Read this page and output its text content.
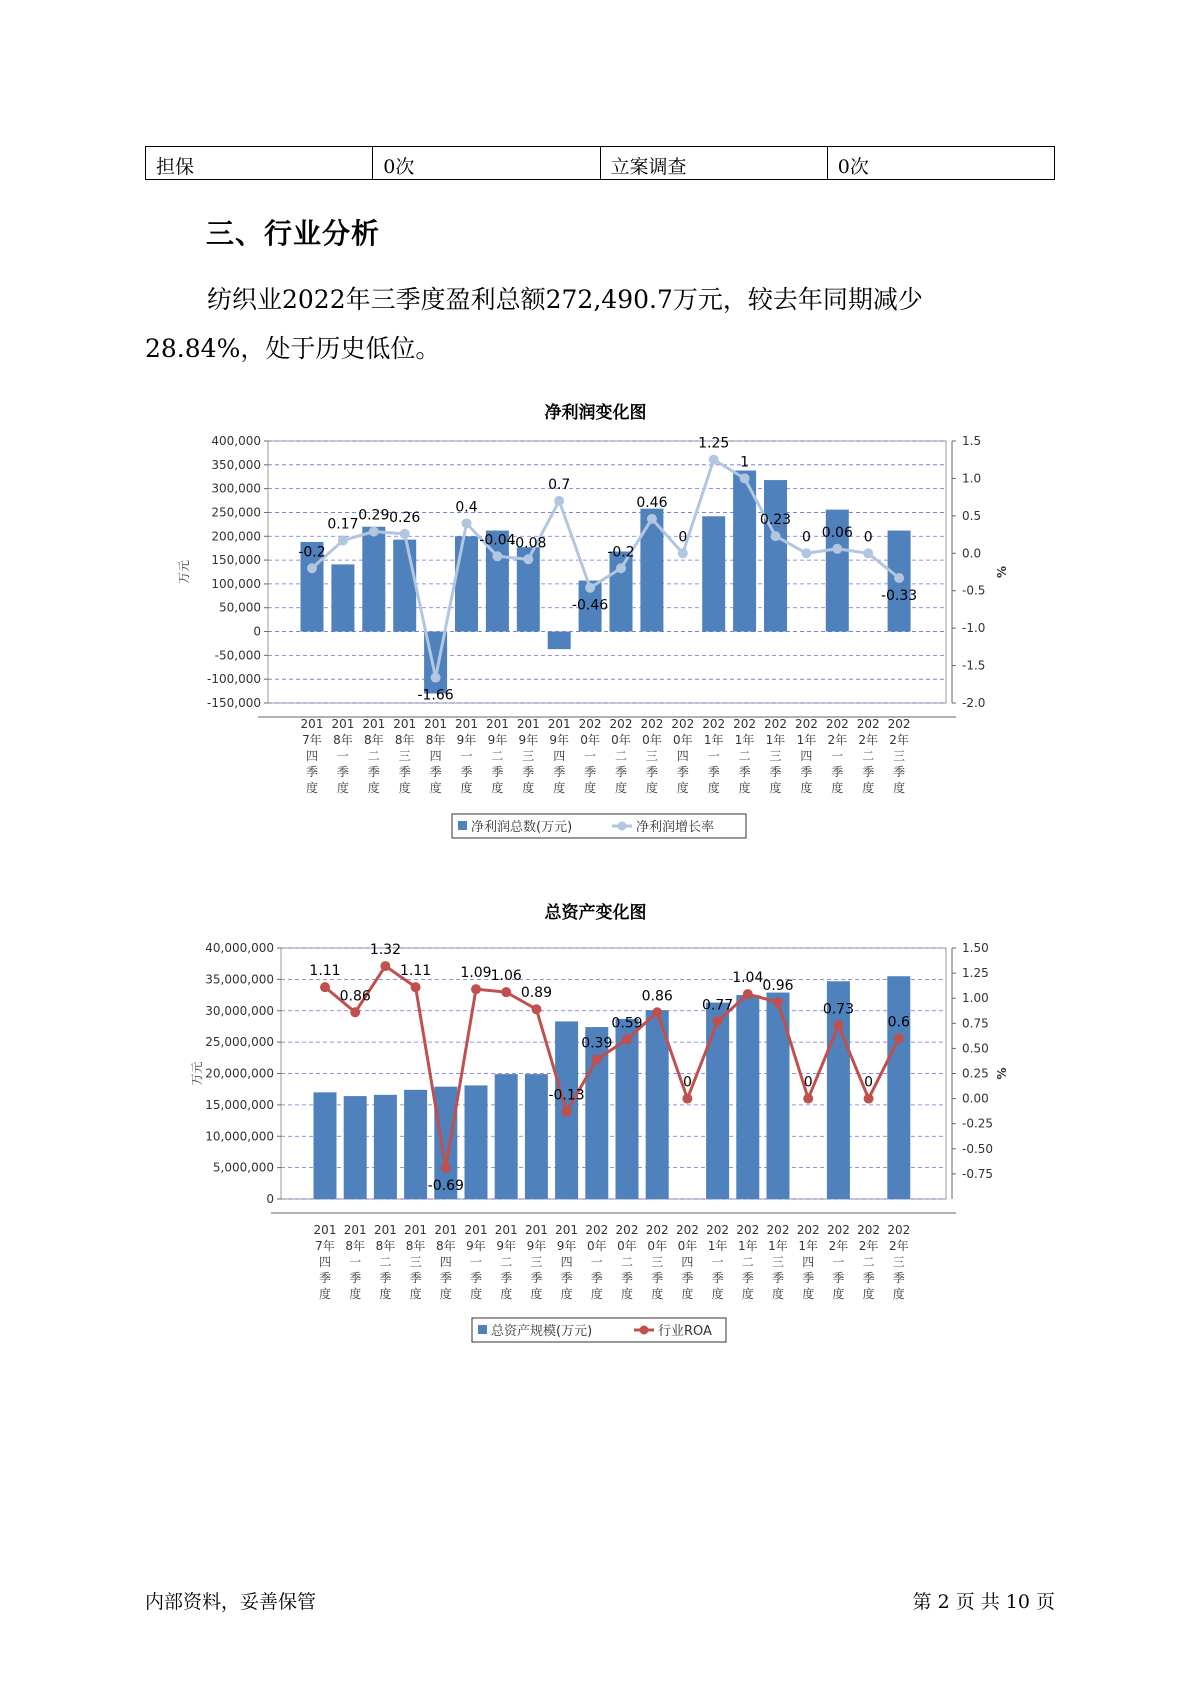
担保	0次	立案调查	0次
三、行业分析

纺织业2022年三季度盈利总额272,490.7万元，较去年同期减少28.84%，处于历史低位。

净利润变化图
400,000
350,000
300,000
250,000
200,000
150,000
100,000
50,000
0
-50,000
-100,000
-150,000
1.5
1.0
0.5
0.0
-0.5
-1.0
-1.5
-2.0
万元	%
-0.2
0.17
0.29 0.26
-1.66
0.4
-0.04
-0.08
0.7
-0.46
-0.2
0.46
0
1.25
1
0.23
0 0.06 0
-0.33
201 7年四季度
201 8年一季度
201 8年二季度
201 8年三季度
201 8年四季度
201 9年一季度
201 9年二季度
201 9年三季度
201 9年四季度
202 0年一季度
202 0年二季度
202 0年三季度
202 0年四季度
202 1年一季度
202 1年二季度
202 1年三季度
202 1年四季度
202 2年一季度
202 2年二季度
202 2年三季度
净利润总数(万元)	净利润增长率
总资产变化图
40,000,000
35,000,000
30,000,000
25,000,000
20,000,000
15,000,000
10,000,000
5,000,000
0
1.50
1.25
1.00
0.75
0.50
0.25
0.00
-0.25
-0.50
-0.75
万元	%
1.11
0.86
1.32
1.11
-0.69
1.09 1.06
0.89
-0.13
0.39
0.59
0.86
0
0.77
1.04
0.96
0
0.73
0
0.6
201 7年四季度
201 8年一季度
201 8年二季度
201 8年三季度
201 8年四季度
201 9年一季度
201 9年二季度
201 9年三季度
201 9年四季度
202 0年一季度
202 0年二季度
202 0年三季度
202 0年四季度
202 1年一季度
202 1年二季度
202 1年三季度
202 1年四季度
202 2年一季度
202 2年二季度
202 2年三季度
总资产规模(万元)	行业ROA
内部资料，妥善保管	第 2 页 共 10 页
